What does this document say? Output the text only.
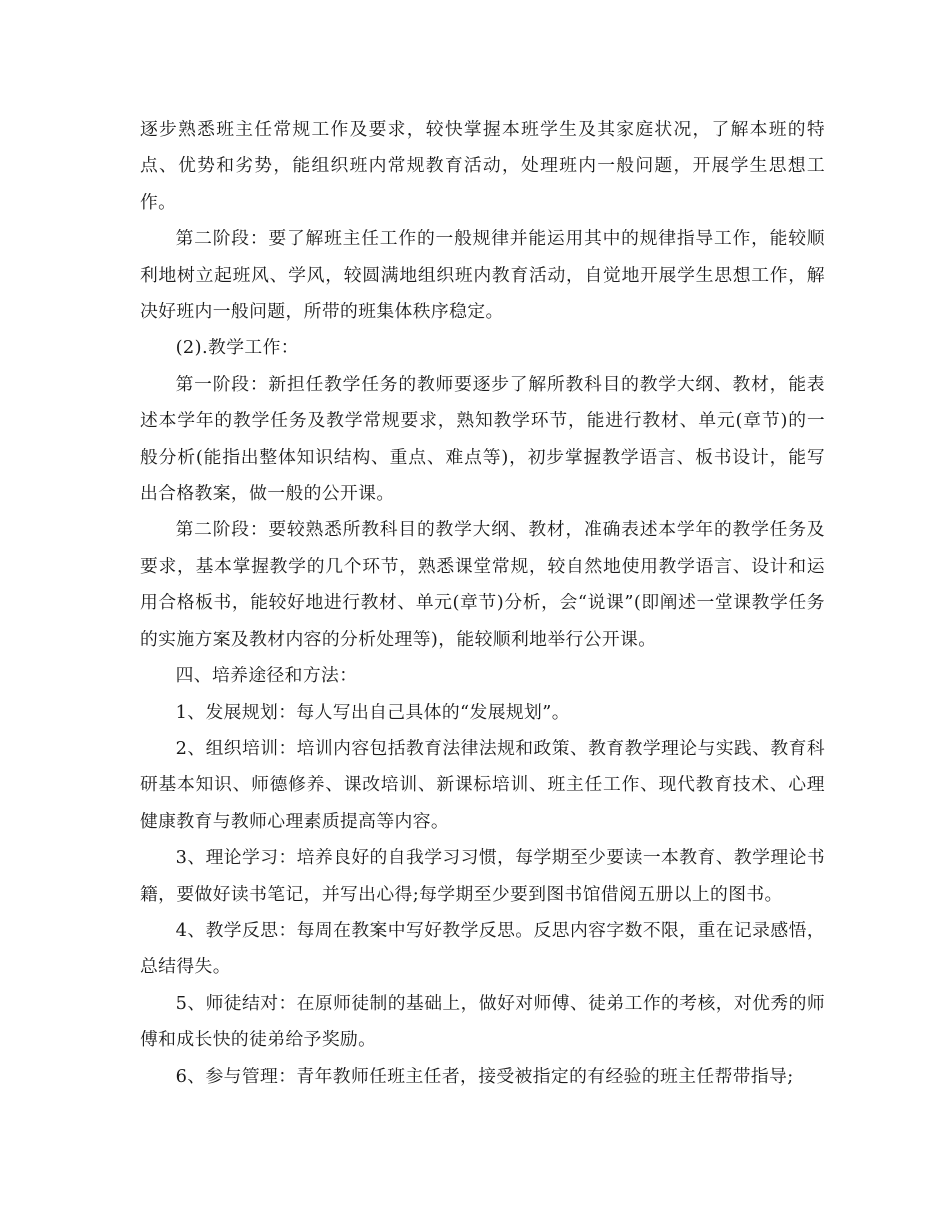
逐步熟悉班主任常规工作及要求，较快掌握本班学生及其家庭状况，了解本班的特点、优势和劣势，能组织班内常规教育活动，处理班内一般问题，开展学生思想工作。

第二阶段：要了解班主任工作的一般规律并能运用其中的规律指导工作，能较顺利地树立起班风、学风，较圆满地组织班内教育活动，自觉地开展学生思想工作，解决好班内一般问题，所带的班集体秩序稳定。

(2).教学工作：

第一阶段：新担任教学任务的教师要逐步了解所教科目的教学大纲、教材，能表述本学年的教学任务及教学常规要求，熟知教学环节，能进行教材、单元(章节)的一般分析(能指出整体知识结构、重点、难点等)，初步掌握教学语言、板书设计，能写出合格教案，做一般的公开课。

第二阶段：要较熟悉所教科目的教学大纲、教材，准确表述本学年的教学任务及要求，基本掌握教学的几个环节，熟悉课堂常规，较自然地使用教学语言、设计和运用合格板书，能较好地进行教材、单元(章节)分析，会“说课”(即阐述一堂课教学任务的实施方案及教材内容的分析处理等)，能较顺利地举行公开课。

四、培养途径和方法：

1、发展规划：每人写出自己具体的“发展规划”。

2、组织培训：培训内容包括教育法律法规和政策、教育教学理论与实践、教育科研基本知识、师德修养、课改培训、新课标培训、班主任工作、现代教育技术、心理健康教育与教师心理素质提高等内容。

3、理论学习：培养良好的自我学习习惯，每学期至少要读一本教育、教学理论书籍，要做好读书笔记，并写出心得;每学期至少要到图书馆借阅五册以上的图书。

4、教学反思：每周在教案中写好教学反思。反思内容字数不限，重在记录感悟，总结得失。

5、师徒结对：在原师徒制的基础上，做好对师傅、徒弟工作的考核，对优秀的师傅和成长快的徒弟给予奖励。

6、参与管理：青年教师任班主任者，接受被指定的有经验的班主任帮带指导;
